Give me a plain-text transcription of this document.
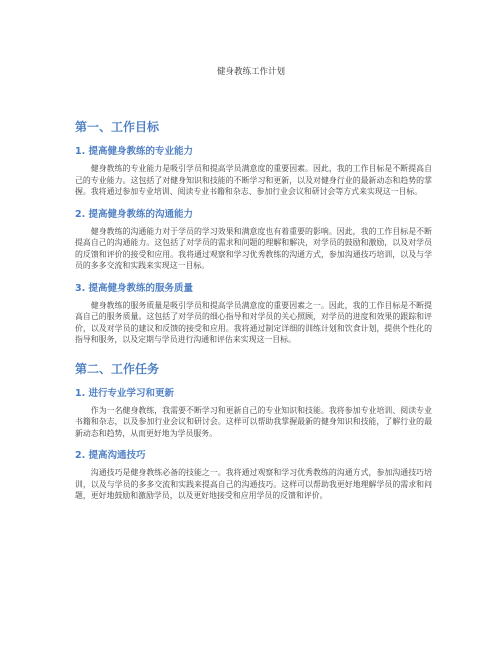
健身教练工作计划
第一、工作目标
1. 提高健身教练的专业能力

健身教练的专业能力是吸引学员和提高学员满意度的重要因素。因此，我的工作目标是不断提高自己的专业能力。这包括了对健身知识和技能的不断学习和更新，以及对健身行业的最新动态和趋势的掌握。我将通过参加专业培训、阅读专业书籍和杂志、参加行业会议和研讨会等方式来实现这一目标。

2. 提高健身教练的沟通能力

健身教练的沟通能力对于学员的学习效果和满意度也有着重要的影响。因此，我的工作目标是不断提高自己的沟通能力。这包括了对学员的需求和问题的理解和解决，对学员的鼓励和激励，以及对学员的反馈和评价的接受和应用。我将通过观察和学习优秀教练的沟通方式，参加沟通技巧培训，以及与学员的多多交流和实践来实现这一目标。

3. 提高健身教练的服务质量

健身教练的服务质量是吸引学员和提高学员满意度的重要因素之一。因此，我的工作目标是不断提高自己的服务质量。这包括了对学员的细心指导和对学员的关心照顾，对学员的进度和效果的跟踪和评价，以及对学员的建议和反馈的接受和应用。我将通过制定详细的训练计划和饮食计划，提供个性化的指导和服务，以及定期与学员进行沟通和评估来实现这一目标。

第二、工作任务
1. 进行专业学习和更新

作为一名健身教练，我需要不断学习和更新自己的专业知识和技能。我将参加专业培训、阅读专业书籍和杂志，以及参加行业会议和研讨会。这样可以帮助我掌握最新的健身知识和技能，了解行业的最新动态和趋势，从而更好地为学员服务。

2. 提高沟通技巧

沟通技巧是健身教练必备的技能之一。我将通过观察和学习优秀教练的沟通方式，参加沟通技巧培训，以及与学员的多多交流和实践来提高自己的沟通技巧。这样可以帮助我更好地理解学员的需求和问题，更好地鼓励和激励学员，以及更好地接受和应用学员的反馈和评价。
